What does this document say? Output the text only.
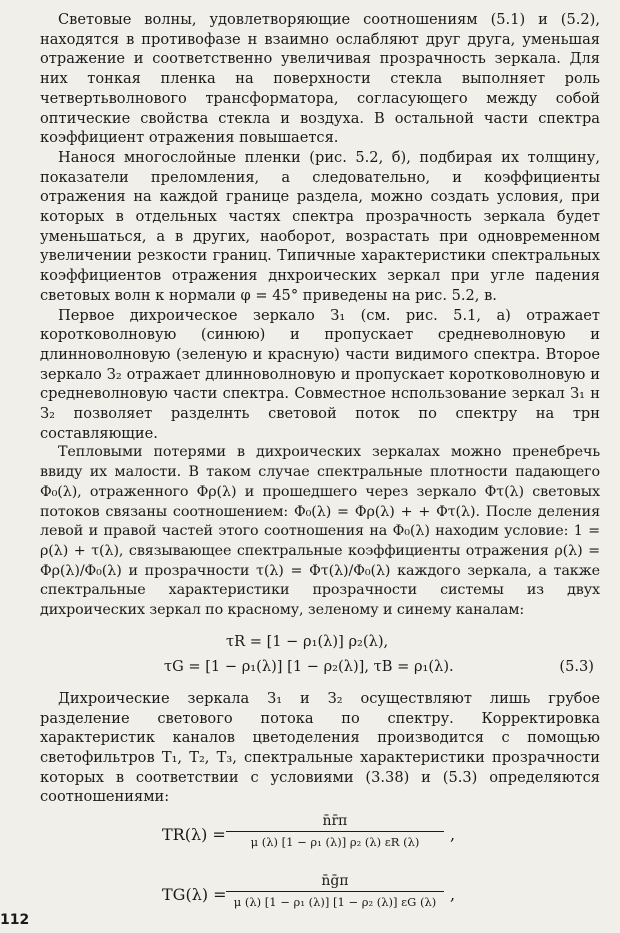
Световые волны, удовлетворяющие соотношениям (5.1) и (5.2), находятся в противофазе н взаимно ослабляют друг друга, уменьшая отражение и соответственно увеличивая прозрачность зеркала. Для них тонкая пленка на поверхности стекла выполняет роль четвертьволнового трансформатора, согласующего между собой оптические свойства стекла и воздуха. В остальной части спектра коэффициент отражения повышается.

Нанося многослойные пленки (рис. 5.2, б), подбирая их толщину, показатели преломления, а следовательно, и коэффициенты отражения на каждой границе раздела, можно создать условия, при которых в отдельных частях спектра прозрачность зеркала будет уменьшаться, а в других, наоборот, возрастать при одновременном увеличении резкости границ. Типичные характеристики спектральных коэффициентов отражения днхроических зеркал при угле падения световых волн к нормали φ = 45° приведены на рис. 5.2, в.

Первое дихроическое зеркало З₁ (см. рис. 5.1, а) отражает коротковолновую (синюю) и пропускает средневолновую и длинноволновую (зеленую и красную) части видимого спектра. Второе зеркало З₂ отражает длинноволновую и пропускает коротковолновую и средневолновую части спектра. Совместное нспользование зеркал З₁ н З₂ позволяет разделнть световой поток по спектру на трн составляющие.

Тепловыми потерями в дихроических зеркалах можно пренебречь ввиду их малости. В таком случае спектральные плотности падающего Φ₀(λ), отраженного Φρ(λ) и прошедшего через зеркало Φτ(λ) световых потоков связаны соотношением: Φ₀(λ) = Φρ(λ) + + Φτ(λ). После деления левой и правой частей этого соотношения на Φ₀(λ) находим условие: 1 = ρ(λ) + τ(λ), связывающее спектральные коэффициенты отражения ρ(λ) = Φρ(λ)/Φ₀(λ) и прозрачности τ(λ) = Φτ(λ)/Φ₀(λ) каждого зеркала, а также спектральные характеристики прозрачности системы из двух дихроических зеркал по красному, зеленому и синему каналам:

τR = [1 − ρ₁(λ)] ρ₂(λ),
τG = [1 − ρ₁(λ)] [1 − ρ₂(λ)], τB = ρ₁(λ).	(5.3)

Дихроические зеркала З₁ и З₂ осуществляют лишь грубое разделение светового потока по спектру. Корректировка характеристик каналов цветоделения производится с помощью светофильтров Т₁, Т₂, Т₃, спектральные характеристики прозрачности которых в соответствии с условиями (3.38) и (5.3) определяются соотношениями:

TR(λ) =
n̄r̄п
μ (λ) [1 − ρ₁ (λ)] ρ₂ (λ) εR (λ)	,
TG(λ) =
n̄ḡп
μ (λ) [1 − ρ₁ (λ)] [1 − ρ₂ (λ)] εG (λ) ,
112
